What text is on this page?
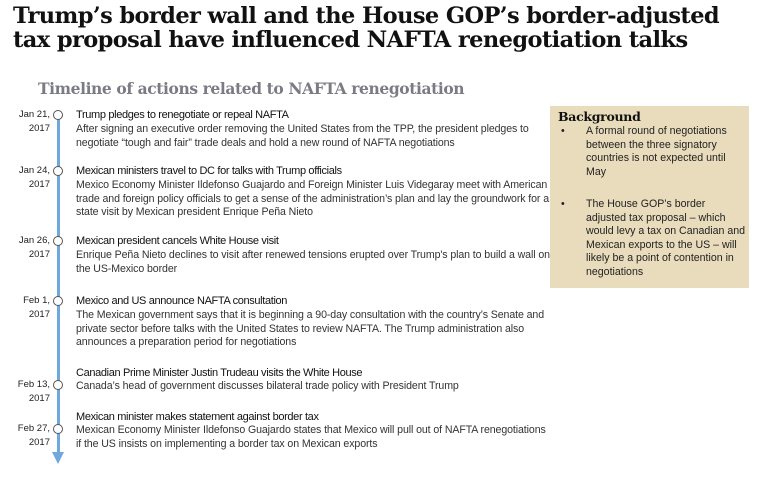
Trump’s border wall and the House GOP’s border-adjusted tax proposal have influenced NAFTA renegotiation talks
Timeline of actions related to NAFTA renegotiation
Jan 21,
2017
Trump pledges to renegotiate or repeal NAFTA
After signing an executive order removing the United States from the TPP, the president pledges to negotiate “tough and fair” trade deals and hold a new round of NAFTA negotiations
Jan 24,
2017
Mexican ministers travel to DC for talks with Trump officials
Mexico Economy Minister Ildefonso Guajardo and Foreign Minister Luis Videgaray meet with American trade and foreign policy officials to get a sense of the administration’s plan and lay the groundwork for a state visit by Mexican president Enrique Peña Nieto
Jan 26,
2017
Mexican president cancels White House visit
Enrique Peña Nieto declines to visit after renewed tensions erupted over Trump's plan to build a wall on the US-Mexico border
Feb 1,
2017
Mexico and US announce NAFTA consultation
The Mexican government says that it is beginning a 90-day consultation with the country’s Senate and private sector before talks with the United States to review NAFTA. The Trump administration also announces a preparation period for negotiations
Feb 13,
2017
Canadian Prime Minister Justin Trudeau visits the White House
Canada’s head of government discusses bilateral trade policy with President Trump
Feb 27,
2017
Mexican minister makes statement against border tax
Mexican Economy Minister Ildefonso Guajardo states that Mexico will pull out of NAFTA renegotiations if the US insists on implementing a border tax on Mexican exports
Background
• A formal round of negotiations between the three signatory countries is not expected until May
• The House GOP’s border adjusted tax proposal – which would levy a tax on Canadian and Mexican exports to the US – will likely be a point of contention in negotiations
